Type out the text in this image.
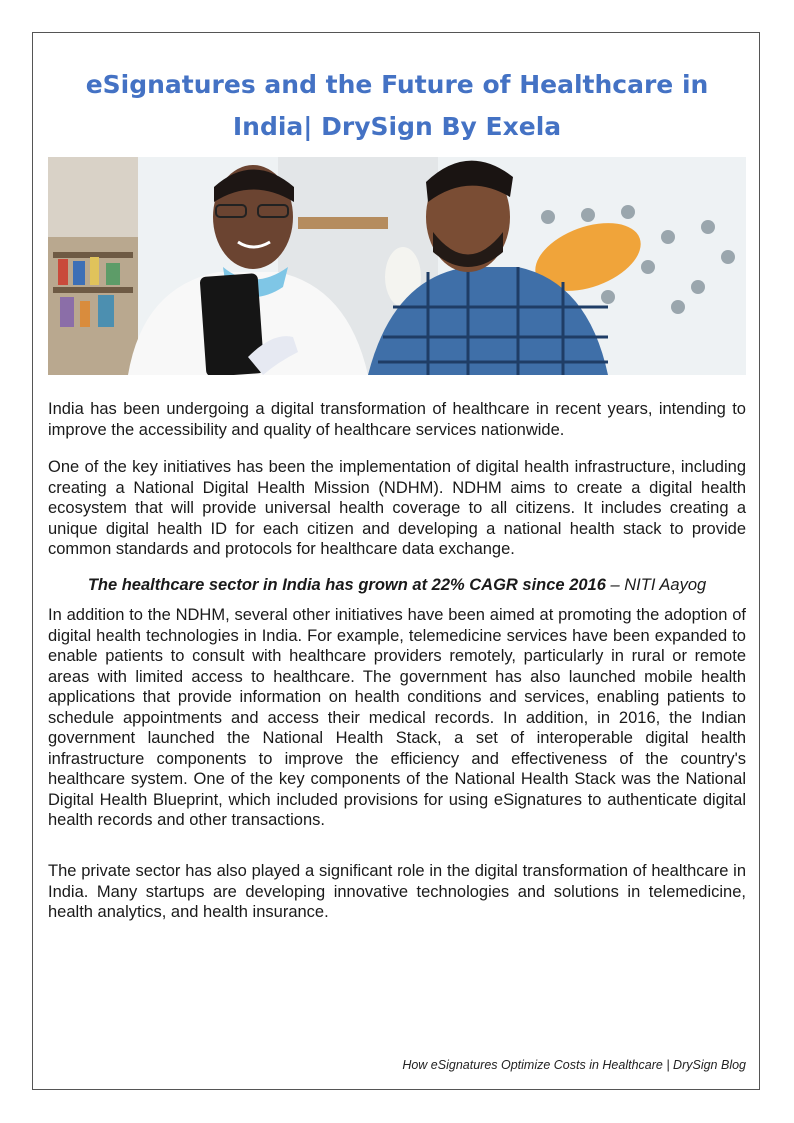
eSignatures and the Future of Healthcare in India| DrySign By Exela

India has been undergoing a digital transformation of healthcare in recent years, intending to improve the accessibility and quality of healthcare services nationwide.

One of the key initiatives has been the implementation of digital health infrastructure, including creating a National Digital Health Mission (NDHM). NDHM aims to create a digital health ecosystem that will provide universal health coverage to all citizens. It includes creating a unique digital health ID for each citizen and developing a national health stack to provide common standards and protocols for healthcare data exchange.

The healthcare sector in India has grown at 22% CAGR since 2016 – NITI Aayog

In addition to the NDHM, several other initiatives have been aimed at promoting the adoption of digital health technologies in India. For example, telemedicine services have been expanded to enable patients to consult with healthcare providers remotely, particularly in rural or remote areas with limited access to healthcare. The government has also launched mobile health applications that provide information on health conditions and services, enabling patients to schedule appointments and access their medical records. In addition, in 2016, the Indian government launched the National Health Stack, a set of interoperable digital health infrastructure components to improve the efficiency and effectiveness of the country's healthcare system. One of the key components of the National Health Stack was the National Digital Health Blueprint, which included provisions for using eSignatures to authenticate digital health records and other transactions.

The private sector has also played a significant role in the digital transformation of healthcare in India. Many startups are developing innovative technologies and solutions in telemedicine, health analytics, and health insurance.

How eSignatures Optimize Costs in Healthcare | DrySign Blog
